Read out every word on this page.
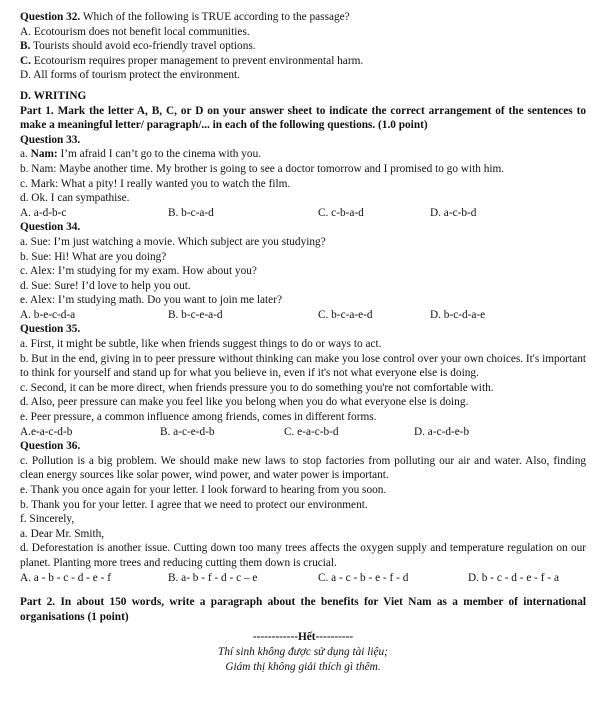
Question 32. Which of the following is TRUE according to the passage?
A. Ecotourism does not benefit local communities.
B. Tourists should avoid eco-friendly travel options.
C. Ecotourism requires proper management to prevent environmental harm.
D. All forms of tourism protect the environment.
D. WRITING
Part 1. Mark the letter A, B, C, or D on your answer sheet to indicate the correct arrangement of the sentences to make a meaningful letter/ paragraph/... in each of the following questions. (1.0 point)
Question 33.
a. Nam: I’m afraid I can’t go to the cinema with you.
b. Nam: Maybe another time. My brother is going to see a doctor tomorrow and I promised to go with him.
c. Mark: What a pity! I really wanted you to watch the film.
d. Ok. I can sympathise.
A. a-d-b-c	B. b-c-a-d	C. c-b-a-d	D. a-c-b-d
Question 34.
a. Sue: I’m just watching a movie. Which subject are you studying?
b. Sue: Hi! What are you doing?
c. Alex: I’m studying for my exam. How about you?
d. Sue: Sure! I’d love to help you out.
e. Alex: I’m studying math. Do you want to join me later?
A. b-e-c-d-a	B. b-c-e-a-d	C. b-c-a-e-d	D. b-c-d-a-e
Question 35.
a. First, it might be subtle, like when friends suggest things to do or ways to act.
b. But in the end, giving in to peer pressure without thinking can make you lose control over your own choices. It's important to think for yourself and stand up for what you believe in, even if it's not what everyone else is doing.
c. Second, it can be more direct, when friends pressure you to do something you're not comfortable with.
d. Also, peer pressure can make you feel like you belong when you do what everyone else is doing.
e. Peer pressure, a common influence among friends, comes in different forms.
A.e-a-c-d-b	B. a-c-e-d-b	C. e-a-c-b-d	D. a-c-d-e-b
Question 36.
c. Pollution is a big problem. We should make new laws to stop factories from polluting our air and water. Also, finding clean energy sources like solar power, wind power, and water power is important.
e. Thank you once again for your letter. I look forward to hearing from you soon.
b. Thank you for your letter. I agree that we need to protect our environment.
f. Sincerely,
a. Dear Mr. Smith,
d. Deforestation is another issue. Cutting down too many trees affects the oxygen supply and temperature regulation on our planet. Planting more trees and reducing cutting them down is crucial.
A. a - b - c - d - e - f	B. a- b - f - d - c – e	C. a - c - b - e - f - d	D. b - c - d - e - f - a
Part 2. In about 150 words, write a paragraph about the benefits for Viet Nam as a member of international organisations (1 point)
------------Hết----------
Thí sinh không được sử dụng tài liệu;
Giám thị không giải thích gì thêm.
